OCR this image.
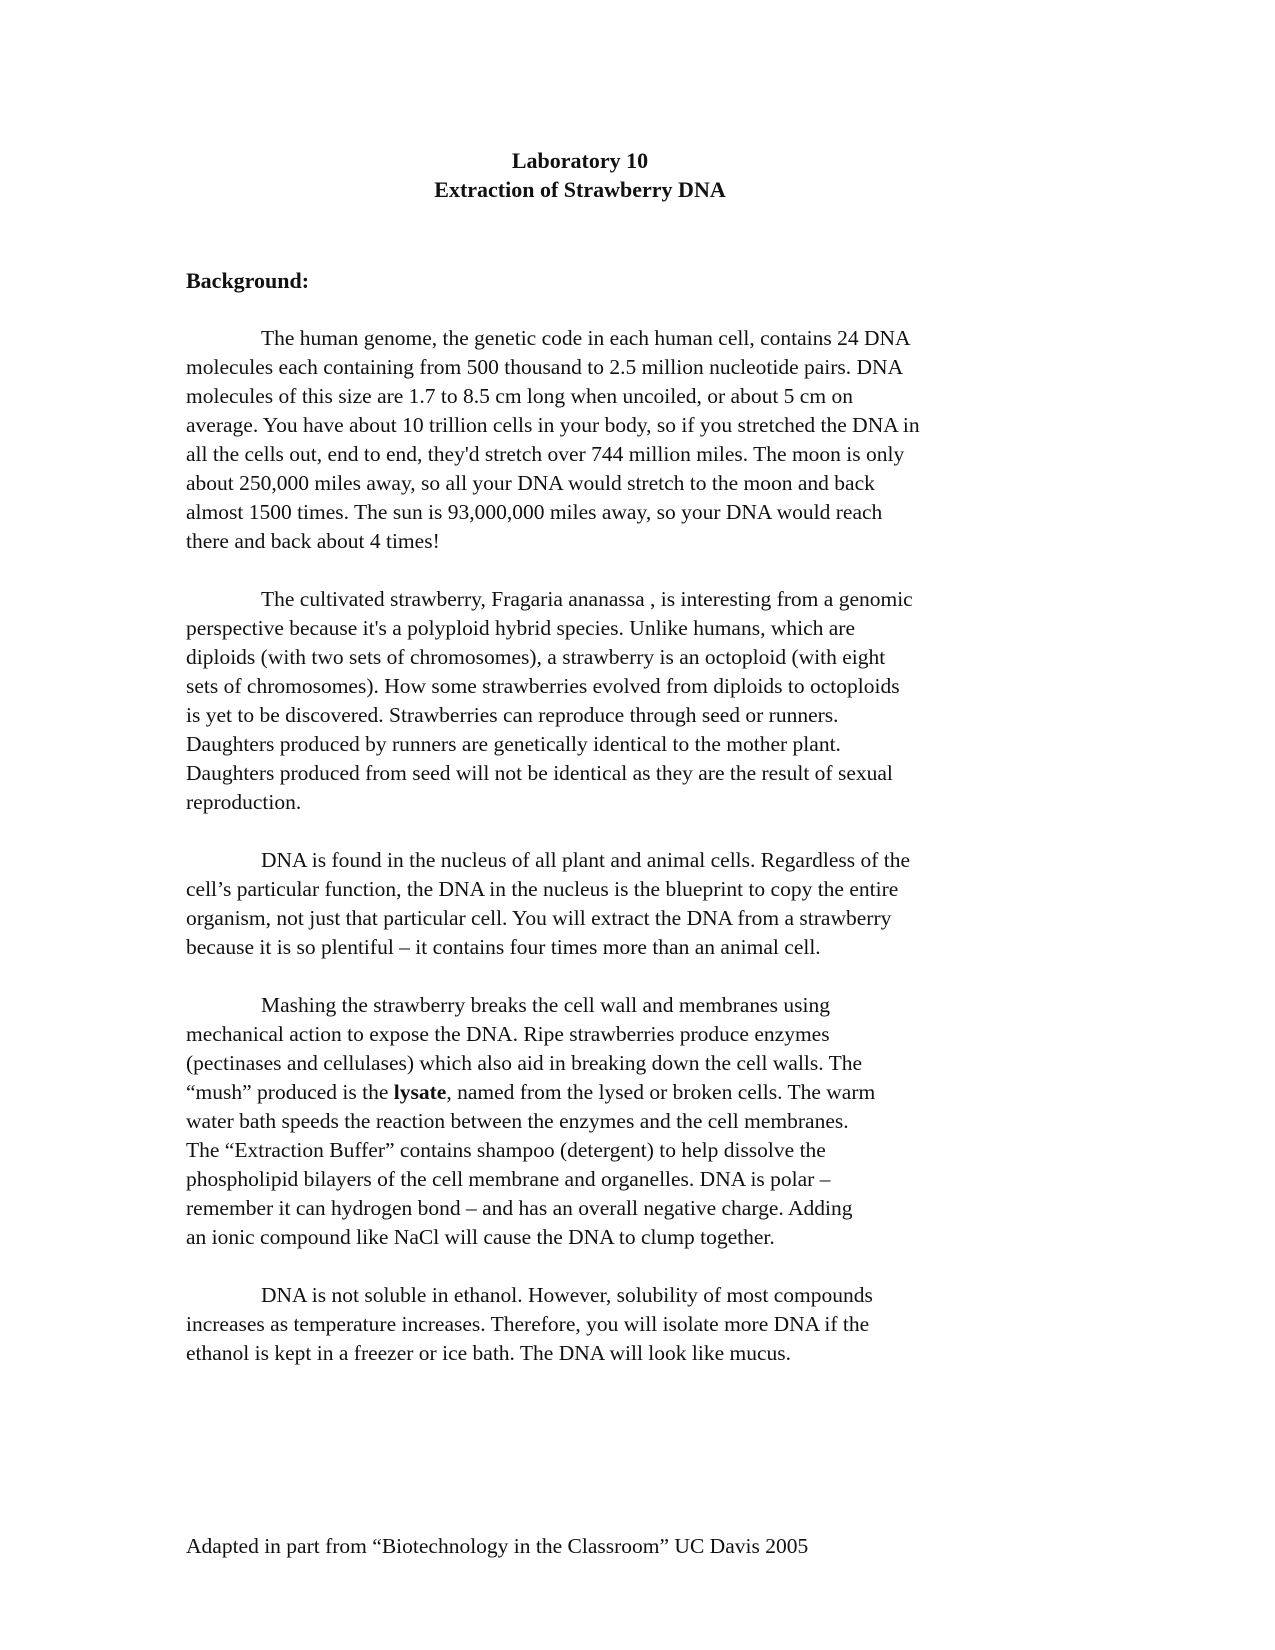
Laboratory 10
Extraction of Strawberry DNA
Background:
The human genome, the genetic code in each human cell, contains 24 DNA
molecules each containing from 500 thousand to 2.5 million nucleotide pairs. DNA
molecules of this size are 1.7 to 8.5 cm long when uncoiled, or about 5 cm on
average. You have about 10 trillion cells in your body, so if you stretched the DNA in
all the cells out, end to end, they'd stretch over 744 million miles. The moon is only
about 250,000 miles away, so all your DNA would stretch to the moon and back
almost 1500 times. The sun is 93,000,000 miles away, so your DNA would reach
there and back about 4 times!
The cultivated strawberry, Fragaria ananassa , is interesting from a genomic
perspective because it's a polyploid hybrid species. Unlike humans, which are
diploids (with two sets of chromosomes), a strawberry is an octoploid (with eight
sets of chromosomes). How some strawberries evolved from diploids to octoploids
is yet to be discovered. Strawberries can reproduce through seed or runners.
Daughters produced by runners are genetically identical to the mother plant.
Daughters produced from seed will not be identical as they are the result of sexual
reproduction.
DNA is found in the nucleus of all plant and animal cells. Regardless of the
cell’s particular function, the DNA in the nucleus is the blueprint to copy the entire
organism, not just that particular cell. You will extract the DNA from a strawberry
because it is so plentiful – it contains four times more than an animal cell.
Mashing the strawberry breaks the cell wall and membranes using
mechanical action to expose the DNA. Ripe strawberries produce enzymes
(pectinases and cellulases) which also aid in breaking down the cell walls. The
“mush” produced is the lysate, named from the lysed or broken cells. The warm
water bath speeds the reaction between the enzymes and the cell membranes.
The “Extraction Buffer” contains shampoo (detergent) to help dissolve the
phospholipid bilayers of the cell membrane and organelles. DNA is polar –
remember it can hydrogen bond – and has an overall negative charge. Adding
an ionic compound like NaCl will cause the DNA to clump together.
DNA is not soluble in ethanol. However, solubility of most compounds
increases as temperature increases. Therefore, you will isolate more DNA if the
ethanol is kept in a freezer or ice bath. The DNA will look like mucus.
Adapted in part from “Biotechnology in the Classroom” UC Davis 2005
